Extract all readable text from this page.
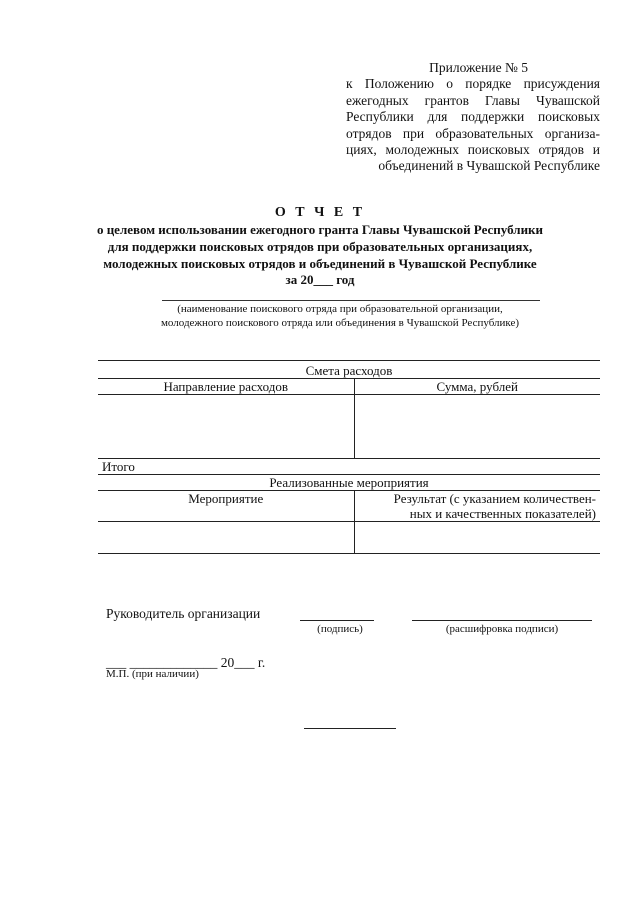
Приложение № 5
к Положению о порядке присуждения
ежегодных грантов Главы Чувашской
Республики для поддержки поисковых
отрядов при образовательных организа-
циях, молодежных поисковых отрядов и
объединений в Чувашской Республике
О Т Ч Е Т
о целевом использовании ежегодного гранта Главы Чувашской Республики
для поддержки поисковых отрядов при образовательных организациях,
молодежных поисковых отрядов и объединений в Чувашской Республике
за 20___ год
(наименование поискового отряда при образовательной организации,
молодежного поискового отряда или объединения в Чувашской Республике)
Смета расходов	
Направление расходов	Сумма, рублей

Итого	
Реализованные мероприятия	
Мероприятие	Результат (с указанием количествен-
ных и качественных показателей)

Руководитель организации
(подпись)	(расшифровка подписи)
___ _____________ 20___ г.
М.П. (при наличии)
